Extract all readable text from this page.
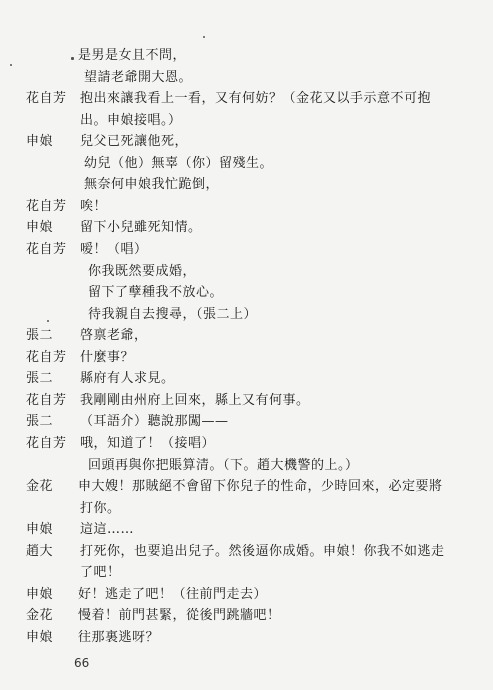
是男是女且不問，
望請老爺開大恩。
花自芳	抱出來讓我看上一看，又有何妨？（金花又以手示意不可抱
出。申娘接唱。）
申娘	兒父已死讓他死，
幼兒（他）無辜（你）留殘生。
無奈何申娘我忙跪倒，
花自芳	唉！
申娘	留下小兒雖死知情。
花自芳	嗳！（唱）
你我既然要成婚，
留下了孽種我不放心。
待我親自去搜尋，（張二上）
張二	啓禀老爺，
花自芳	什麼事？
張二	縣府有人求見。
花自芳	我剛剛由州府上回來，縣上又有何事。
張二	（耳語介）聽說那闖——
花自芳	哦，知道了！（接唱）
回頭再與你把賬算清。（下。趙大機警的上。）
金花	申大嫂！那賊絕不會留下你兒子的性命，少時回來，必定要將
打你。
申娘	這這……
趙大	打死你，也要追出兒子。然後逼你成婚。申娘！你我不如逃走
了吧！
申娘	好！逃走了吧！（往前門走去）
金花	慢着！前門甚緊，從後門跳牆吧！
申娘	往那裏逃呀？
66
